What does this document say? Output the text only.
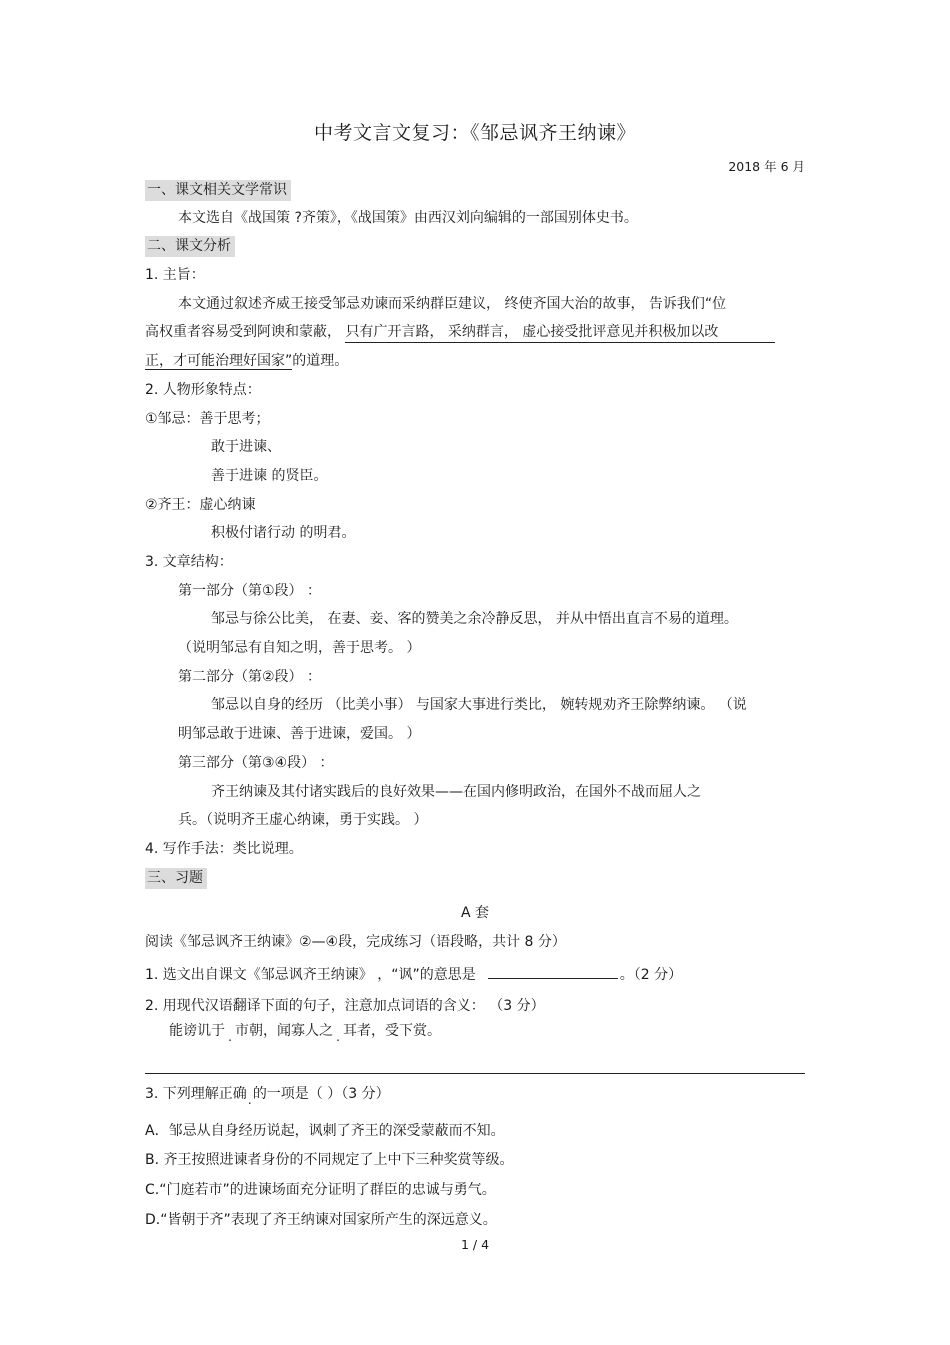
中考文言文复习：《邹忌讽齐王纳谏》
2018 年 6 月
一、课文相关文学常识
本文选自《战国策 ?齐策》，《战国策》由西汉刘向编辑的一部国别体史书。
二、课文分析
1. 主旨：
本文通过叙述齐威王接受邹忌劝谏而采纳群臣建议， 终使齐国大治的故事， 告诉我们“位
高权重者容易受到阿谀和蒙蔽， 只有广开言路， 采纳群言， 虚心接受批评意见并积极加以改
正，才可能治理好国家”的道理。
2. 人物形象特点：
①邹忌：善于思考；
敢于进谏、
善于进谏 的贤臣。
②齐王：虚心纳谏
积极付诸行动 的明君。
3. 文章结构：
第一部分（第①段） ：
邹忌与徐公比美， 在妻、妾、客的赞美之余冷静反思， 并从中悟出直言不易的道理。
（说明邹忌有自知之明，善于思考。 ）
第二部分（第②段） ：
邹忌以自身的经历 （比美小事） 与国家大事进行类比， 婉转规劝齐王除弊纳谏。 （说
明邹忌敢于进谏、善于进谏，爱国。 ）
第三部分（第③④段） ：
齐王纳谏及其付诸实践后的良好效果——在国内修明政治，在国外不战而屈人之
兵。（说明齐王虚心纳谏，勇于实践。 ）
4. 写作手法：类比说理。
三、习题
A 套
阅读《邹忌讽齐王纳谏》②—④段，完成练习（语段略，共计 8 分）
1. 选文出自课文《邹忌讽齐王纳谏》 ，“讽”的意思是	。（2 分）
2. 用现代汉语翻译下面的句子，注意加点词语的含义： （3 分）
能谤讥于 市朝，闻寡人之 耳者，受下赏。
3. 下列理解正确 的一项是（ ）（3 分）
A．邹忌从自身经历说起，讽刺了齐王的深受蒙蔽而不知。
B. 齐王按照进谏者身份的不同规定了上中下三种奖赏等级。
C.“门庭若市”的进谏场面充分证明了群臣的忠诚与勇气。
D.“皆朝于齐”表现了齐王纳谏对国家所产生的深远意义。
1 / 4
